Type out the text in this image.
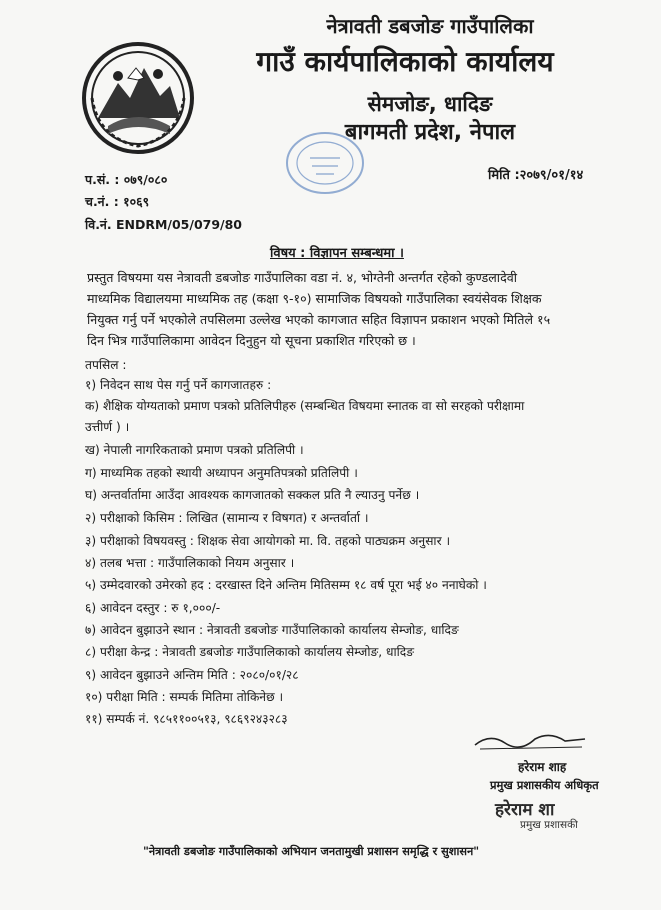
नेत्रावती डबजोङ गाउँपालिका
गाउँ कार्यपालिकाको कार्यालय
सेमजोङ, धादिङ
बागमती प्रदेश, नेपाल
प.सं. : ०७९/०८०
च.नं. : १०६९
वि.नं. ENDRM/05/079/80
मिति :२०७९/०१/१४
विषय : विज्ञापन सम्बन्धमा ।
प्रस्तुत विषयमा यस नेत्रावती डबजोङ गाउँपालिका वडा नं. ४, भोग्तेनी अन्तर्गत रहेको कुण्डलादेवी
माध्यमिक विद्यालयमा माध्यमिक तह (कक्षा ९-१०) सामाजिक विषयको गाउँपालिका स्वयंसेवक शिक्षक
नियुक्त गर्नु पर्ने भएकोले तपसिलमा उल्लेख भएको कागजात सहित विज्ञापन प्रकाशन भएको मितिले १५
दिन भित्र गाउँपालिकामा आवेदन दिनुहुन यो सूचना प्रकाशित गरिएको छ ।
तपसिल :
१) निवेदन साथ पेस गर्नु पर्ने कागजातहरु :
क) शैक्षिक योग्यताको प्रमाण पत्रको प्रतिलिपीहरु (सम्बन्धित विषयमा स्नातक वा सो सरहको परीक्षामा
उत्तीर्ण ) ।
ख) नेपाली नागरिकताको प्रमाण पत्रको प्रतिलिपी ।
ग) माध्यमिक तहको स्थायी अध्यापन अनुमतिपत्रको प्रतिलिपी ।
घ) अन्तर्वार्तामा आउँदा आवश्यक कागजातको सक्कल प्रति नै ल्याउनु पर्नेछ ।
२) परीक्षाको किसिम : लिखित (सामान्य र विषगत) र अन्तर्वार्ता ।
३) परीक्षाको विषयवस्तु : शिक्षक सेवा आयोगको मा. वि. तहको पाठ्यक्रम अनुसार ।
४) तलब भत्ता : गाउँपालिकाको नियम अनुसार ।
५) उम्मेदवारको उमेरको हद : दरखास्त दिने अन्तिम मितिसम्म १८ वर्ष पूरा भई ४० ननाघेको ।
६) आवेदन दस्तुर : रु १,०००/-
७) आवेदन बुझाउने स्थान : नेत्रावती डबजोङ गाउँपालिकाको कार्यालय सेम्जोङ, धादिङ
८) परीक्षा केन्द्र : नेत्रावती डबजोङ गाउँपालिकाको कार्यालय सेम्जोङ, धादिङ
९) आवेदन बुझाउने अन्तिम मिति : २०८०/०१/२८
१०) परीक्षा मिति : सम्पर्क मितिमा तोकिनेछ ।
११) सम्पर्क नं. ९८५११००५१३, ९८६९२४३२८३
हरेराम शाह
प्रमुख प्रशासकीय अधिकृत
हरेराम शा
प्रमुख प्रशासकी
"नेत्रावती डबजोङ गाउँपालिकाको अभियान जनतामुखी प्रशासन समृद्धि र सुशासन"
